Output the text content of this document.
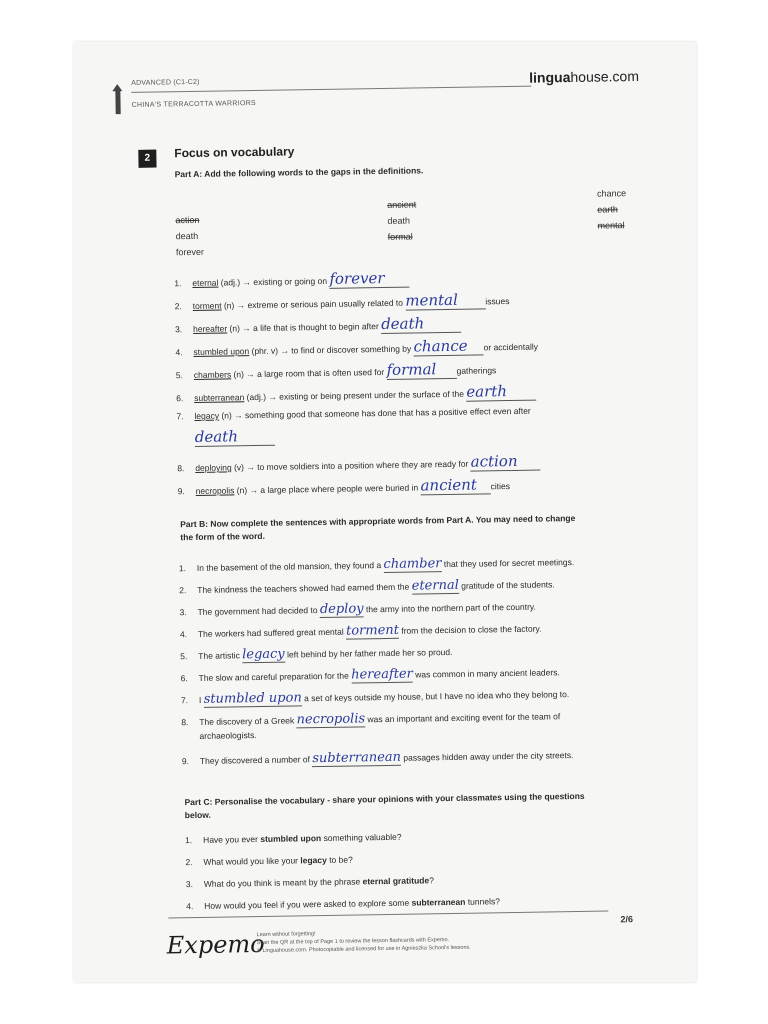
ADVANCED (C1-C2)
CHINA'S TERRACOTTA WARRIORS
linguahouse.com
2	Focus on vocabulary
Part A: Add the following words to the gaps in the definitions.
action
death
forever
ancient
death
formal
chance
earth
mental
1. eternal (adj.) → existing or going on forever
2. torment (n) → extreme or serious pain usually related to mental	issues
3. hereafter (n) → a life that is thought to begin after death
4. stumbled upon (phr. v) → to find or discover something by chance or accidentally
5. chambers (n) → a large room that is often used for formal gatherings
6. subterranean (adj.) → existing or being present under the surface of the earth
7. legacy (n) → something good that someone has done that has a positive effect even after
death
8. deploying (v) → to move soldiers into a position where they are ready for action
9. necropolis (n) → a large place where people were buried in ancient cities
Part B: Now complete the sentences with appropriate words from Part A. You may need to change
the form of the word.
1. In the basement of the old mansion, they found a chamber that they used for secret meetings.
2. The kindness the teachers showed had earned them the eternal gratitude of the students.
3. The government had decided to deploy the army into the northern part of the country.
4. The workers had suffered great mental torment from the decision to close the factory.
5. The artistic legacy left behind by her father made her so proud.
6. The slow and careful preparation for the hereafter was common in many ancient leaders.
7. I stumbled upon a set of keys outside my house, but I have no idea who they belong to.
8. The discovery of a Greek necropolis was an important and exciting event for the team of
archaeologists.
9. They discovered a number of subterranean passages hidden away under the city streets.
Part C: Personalise the vocabulary - share your opinions with your classmates using the questions
below.
1. Have you ever stumbled upon something valuable?
2. What would you like your legacy to be?
3. What do you think is meant by the phrase eternal gratitude?
4. How would you feel if you were asked to explore some subterranean tunnels?
Expemo
Learn without forgetting!
Scan the QR at the top of Page 1 to review the lesson flashcards with Expemo.
© Linguahouse.com. Photocopiable and licensed for use in Agnieszka School's lessons.
2/6
